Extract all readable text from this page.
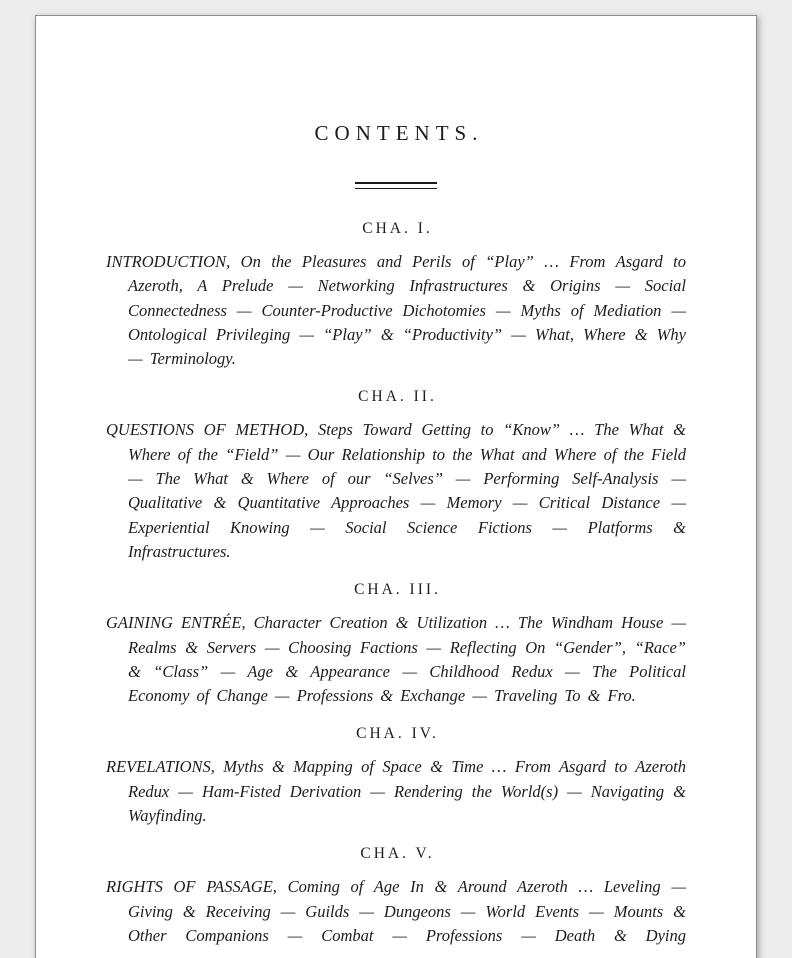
CONTENTS.
CHA. I.

INTRODUCTION, On the Pleasures and Perils of “Play” … From Asgard to Azeroth, A Prelude — Networking Infrastructures & Origins — Social Connectedness — Counter-Productive Dichotomies — Myths of Mediation — Ontological Privileging — “Play” & “Productivity” — What, Where & Why — Terminology.

CHA. II.

QUESTIONS OF METHOD, Steps Toward Getting to “Know” … The What & Where of the “Field” — Our Relationship to the What and Where of the Field — The What & Where of our “Selves” — Performing Self-Analysis — Qualitative & Quantitative Approaches — Memory — Critical Distance — Experiential Knowing — Social Science Fictions — Platforms & Infrastructures.

CHA. III.

GAINING ENTRÉE, Character Creation & Utilization … The Windham House — Realms & Servers — Choosing Factions — Reflecting On “Gender”, “Race” & “Class” — Age & Appearance — Childhood Redux — The Political Economy of Change — Professions & Exchange — Traveling To & Fro.

CHA. IV.

REVELATIONS, Myths & Mapping of Space & Time … From Asgard to Azeroth Redux — Ham-Fisted Derivation — Rendering the World(s) — Navigating & Wayfinding.

CHA. V.

RIGHTS OF PASSAGE, Coming of Age In & Around Azeroth … Leveling — Giving & Receiving — Guilds — Dungeons — World Events — Mounts & Other Companions — Combat — Professions — Death & Dying
